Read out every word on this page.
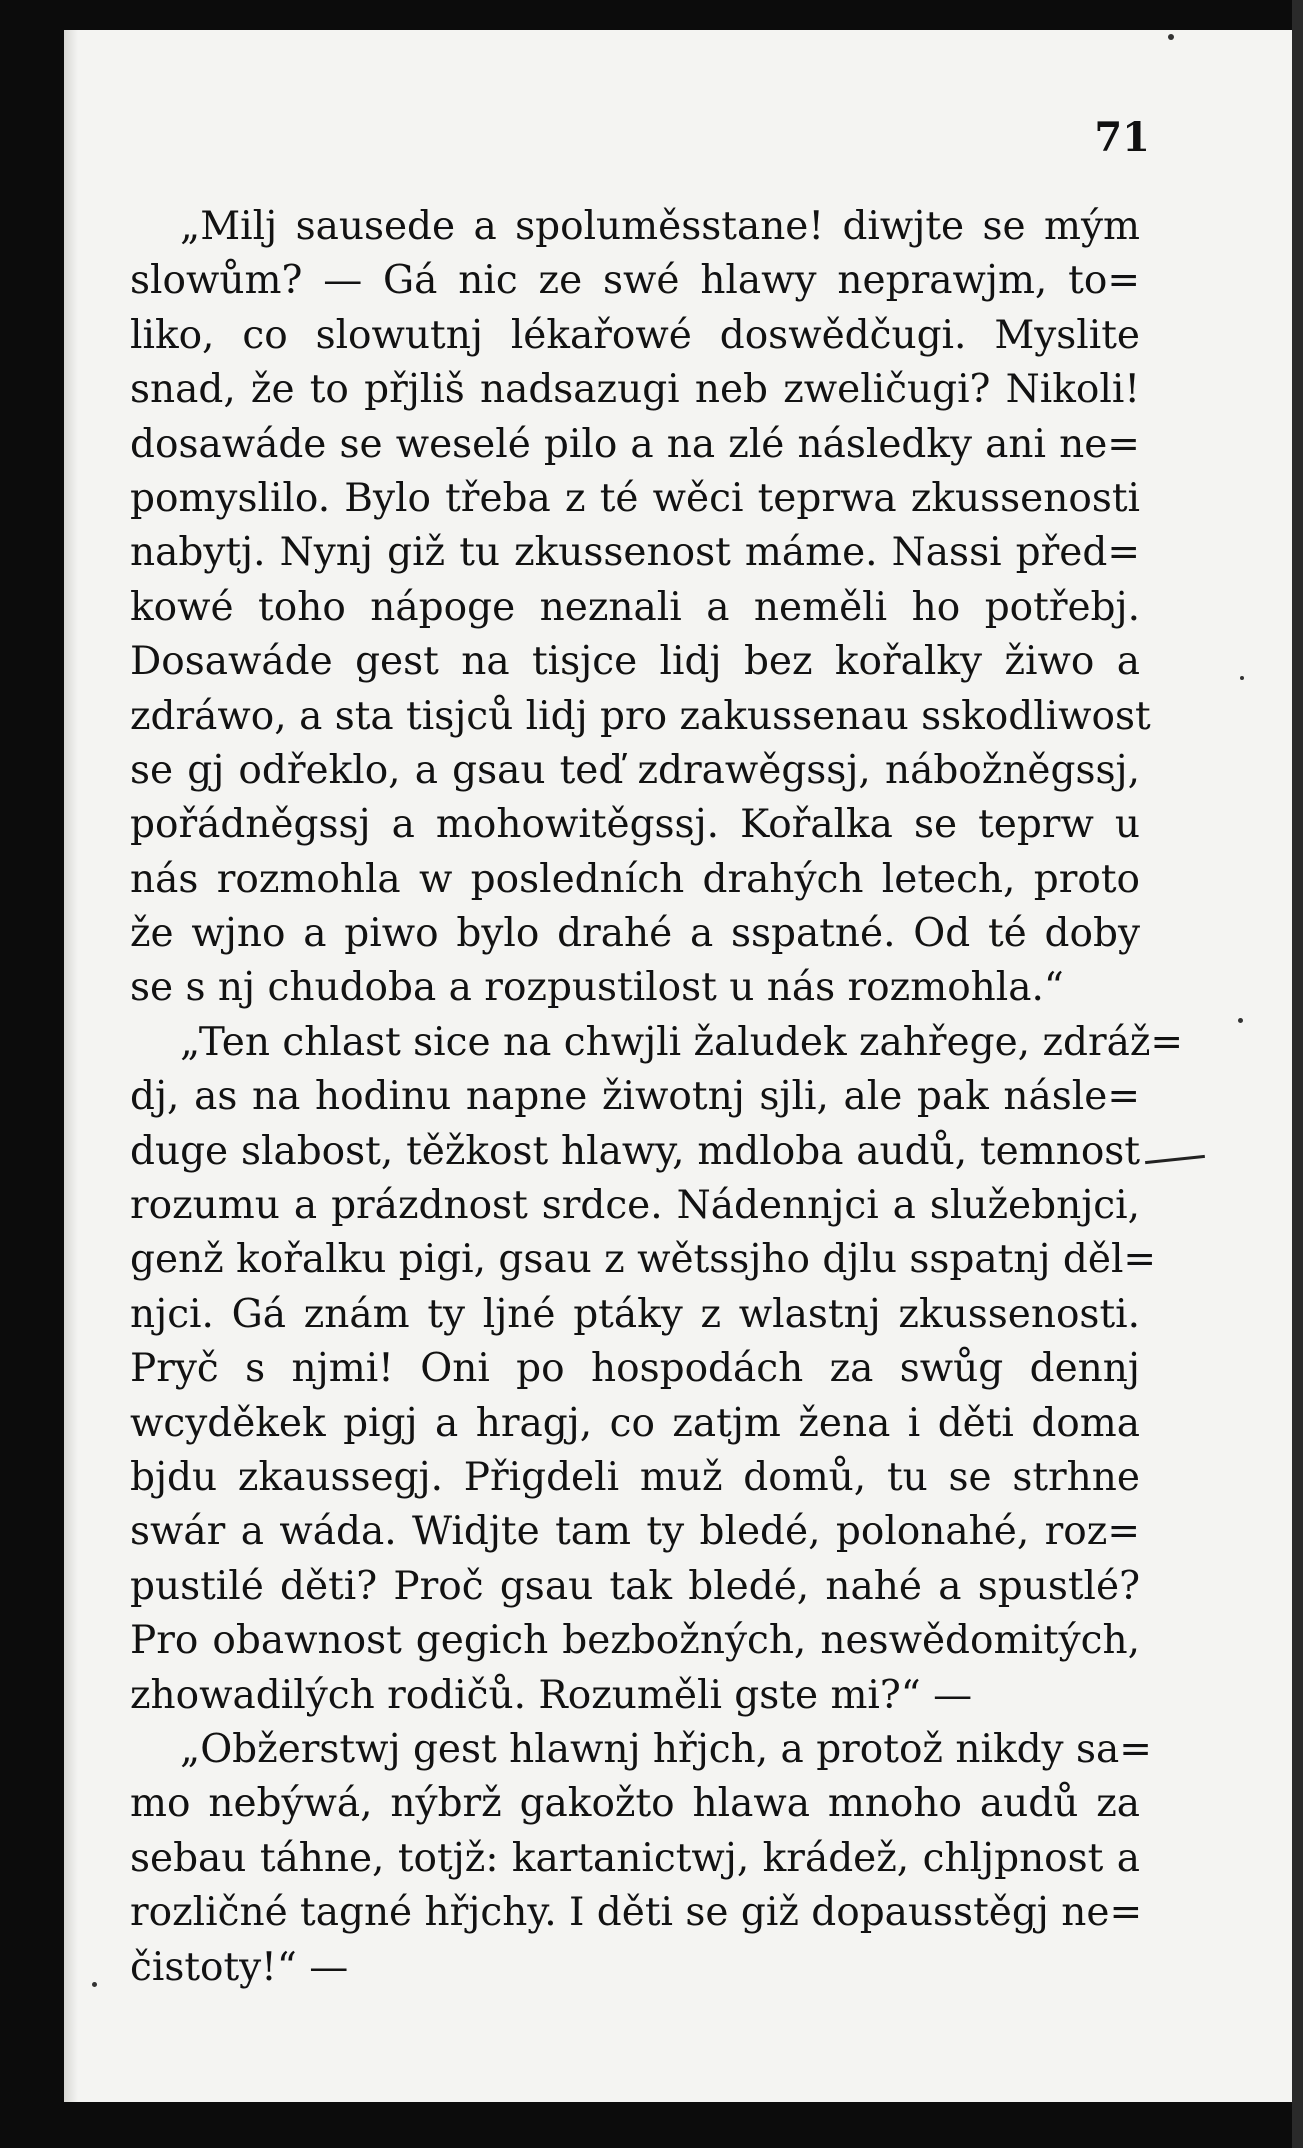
71
„Milj sausede a spoluměsstane! diwjte se mým
slowům? — Gá nic ze swé hlawy neprawjm, to=
liko, co slowutnj lékařowé doswědčugi. Myslite
snad, že to přjliš nadsazugi neb zweličugi? Nikoli!
dosawáde se weselé pilo a na zlé následky ani ne=
pomyslilo. Bylo třeba z té wěci teprwa zkussenosti
nabytj. Nynj giž tu zkussenost máme. Nassi před=
kowé toho nápoge neznali a neměli ho potřebj.
Dosawáde gest na tisjce lidj bez kořalky žiwo a
zdráwo, a sta tisjců lidj pro zakussenau sskodliwost
se gj odřeklo, a gsau teď zdrawěgssj, nábožněgssj,
pořádněgssj a mohowitěgssj. Kořalka se teprw u
nás rozmohla w posledních drahých letech, proto
že wjno a piwo bylo drahé a sspatné. Od té doby
se s nj chudoba a rozpustilost u nás rozmohla.“
„Ten chlast sice na chwjli žaludek zahřege, zdráž=
dj, as na hodinu napne žiwotnj sjli, ale pak násle=
duge slabost, těžkost hlawy, mdloba audů, temnost
rozumu a prázdnost srdce. Nádennjci a služebnjci,
genž kořalku pigi, gsau z wětssjho djlu sspatnj děl=
njci. Gá znám ty ljné ptáky z wlastnj zkussenosti.
Pryč s njmi! Oni po hospodách za swůg dennj
wcyděkek pigj a hragj, co zatjm žena i děti doma
bjdu zkaussegj. Přigdeli muž domů, tu se strhne
swár a wáda. Widjte tam ty bledé, polonahé, roz=
pustilé děti? Proč gsau tak bledé, nahé a spustlé?
Pro obawnost gegich bezbožných, neswědomitých,
zhowadilých rodičů. Rozuměli gste mi?“ —
„Obžerstwj gest hlawnj hřjch, a protož nikdy sa=
mo nebýwá, nýbrž gakožto hlawa mnoho audů za
sebau táhne, totjž: kartanictwj, krádež, chljpnost a
rozličné tagné hřjchy. I děti se giž dopausstěgj ne=
čistoty!“ —
